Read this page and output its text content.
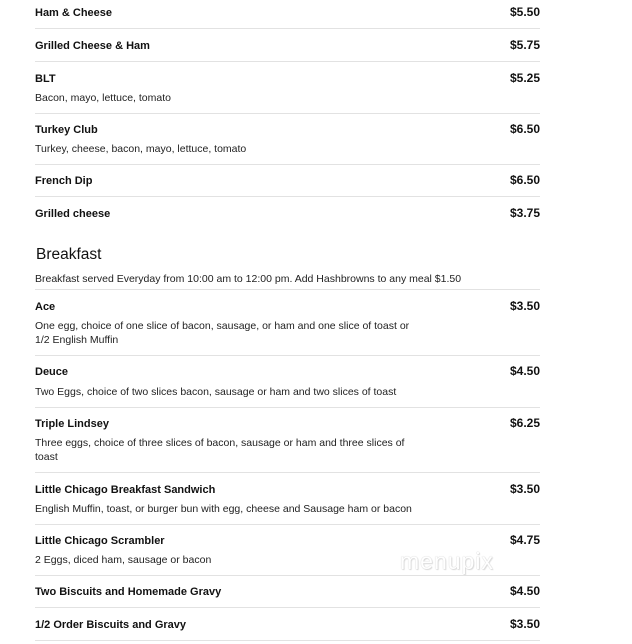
Ham & Cheese	$5.50
Grilled Cheese & Ham	$5.75
BLT	$5.25
Bacon, mayo, lettuce, tomato
Turkey Club	$6.50
Turkey, cheese, bacon, mayo, lettuce, tomato
French Dip	$6.50
Grilled cheese	$3.75
Breakfast
Breakfast served Everyday from 10:00 am to 12:00 pm. Add Hashbrowns to any meal $1.50
Ace	$3.50
One egg, choice of one slice of bacon, sausage, or ham and one slice of toast or
1/2 English Muffin
Deuce	$4.50
Two Eggs, choice of two slices bacon, sausage or ham and two slices of toast
Triple Lindsey	$6.25
Three eggs, choice of three slices of bacon, sausage or ham and three slices of
toast
Little Chicago Breakfast Sandwich	$3.50
English Muffin, toast, or burger bun with egg, cheese and Sausage ham or bacon
Little Chicago Scrambler	$4.75
2 Eggs, diced ham, sausage or bacon
Two Biscuits and Homemade Gravy	$4.50
1/2 Order Biscuits and Gravy	$3.50
menupix
